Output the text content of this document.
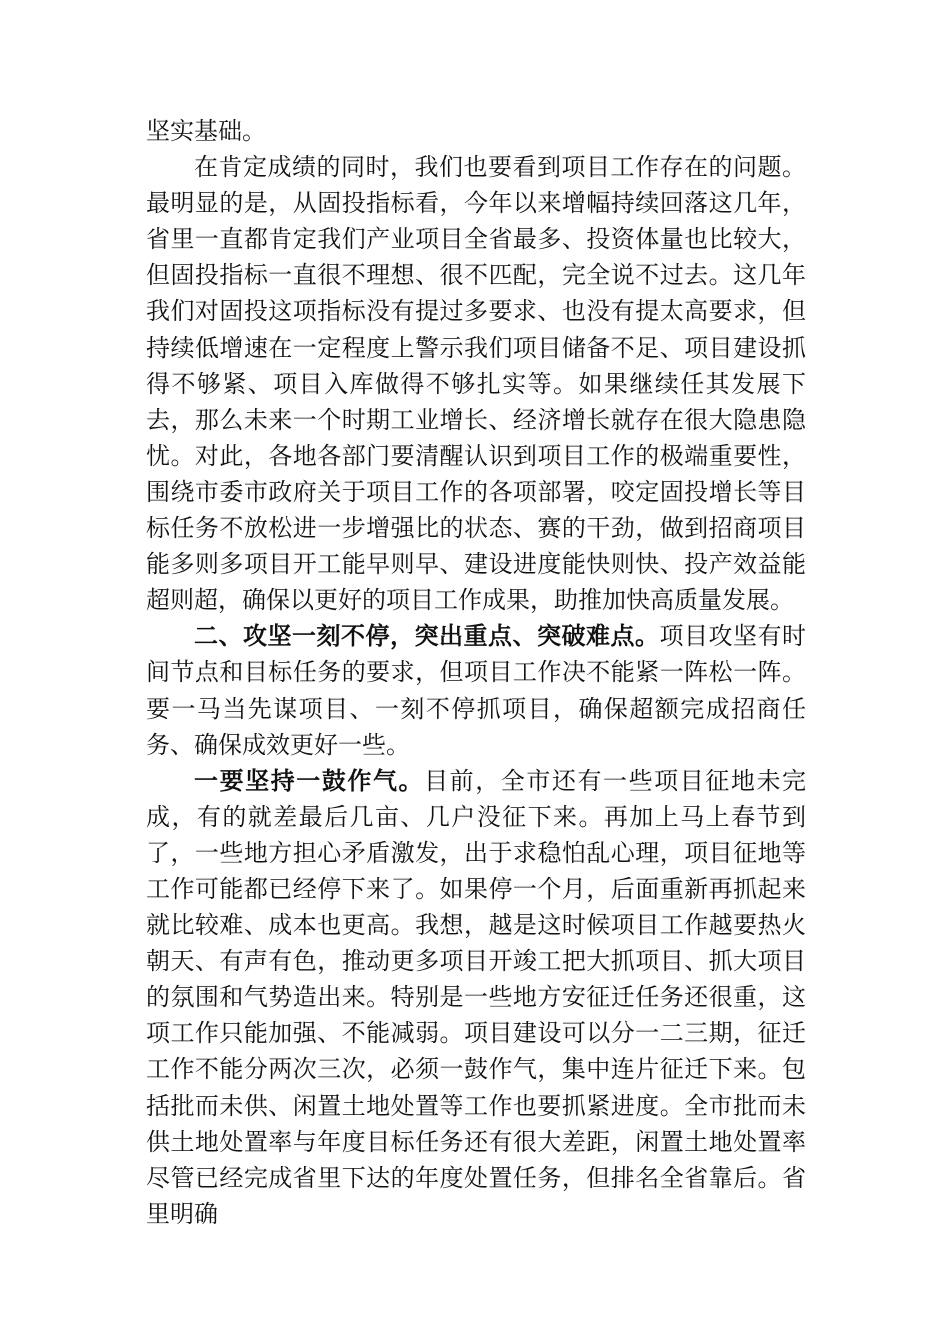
坚实基础。

在肯定成绩的同时，我们也要看到项目工作存在的问题。最明显的是，从固投指标看，今年以来增幅持续回落这几年，省里一直都肯定我们产业项目全省最多、投资体量也比较大，但固投指标一直很不理想、很不匹配，完全说不过去。这几年我们对固投这项指标没有提过多要求、也没有提太高要求，但持续低增速在一定程度上警示我们项目储备不足、项目建设抓得不够紧、项目入库做得不够扎实等。如果继续任其发展下去，那么未来一个时期工业增长、经济增长就存在很大隐患隐忧。对此，各地各部门要清醒认识到项目工作的极端重要性，围绕市委市政府关于项目工作的各项部署，咬定固投增长等目标任务不放松进一步增强比的状态、赛的干劲，做到招商项目能多则多项目开工能早则早、建设进度能快则快、投产效益能超则超，确保以更好的项目工作成果，助推加快高质量发展。

二、攻坚一刻不停，突出重点、突破难点。项目攻坚有时间节点和目标任务的要求，但项目工作决不能紧一阵松一阵。要一马当先谋项目、一刻不停抓项目，确保超额完成招商任务、确保成效更好一些。

一要坚持一鼓作气。目前，全市还有一些项目征地未完成，有的就差最后几亩、几户没征下来。再加上马上春节到了，一些地方担心矛盾激发，出于求稳怕乱心理，项目征地等工作可能都已经停下来了。如果停一个月，后面重新再抓起来就比较难、成本也更高。我想，越是这时候项目工作越要热火朝天、有声有色，推动更多项目开竣工把大抓项目、抓大项目的氛围和气势造出来。特别是一些地方安征迁任务还很重，这项工作只能加强、不能减弱。项目建设可以分一二三期，征迁工作不能分两次三次，必须一鼓作气，集中连片征迁下来。包括批而未供、闲置土地处置等工作也要抓紧进度。全市批而未供土地处置率与年度目标任务还有很大差距，闲置土地处置率尽管已经完成省里下达的年度处置任务，但排名全省靠后。省里明确
